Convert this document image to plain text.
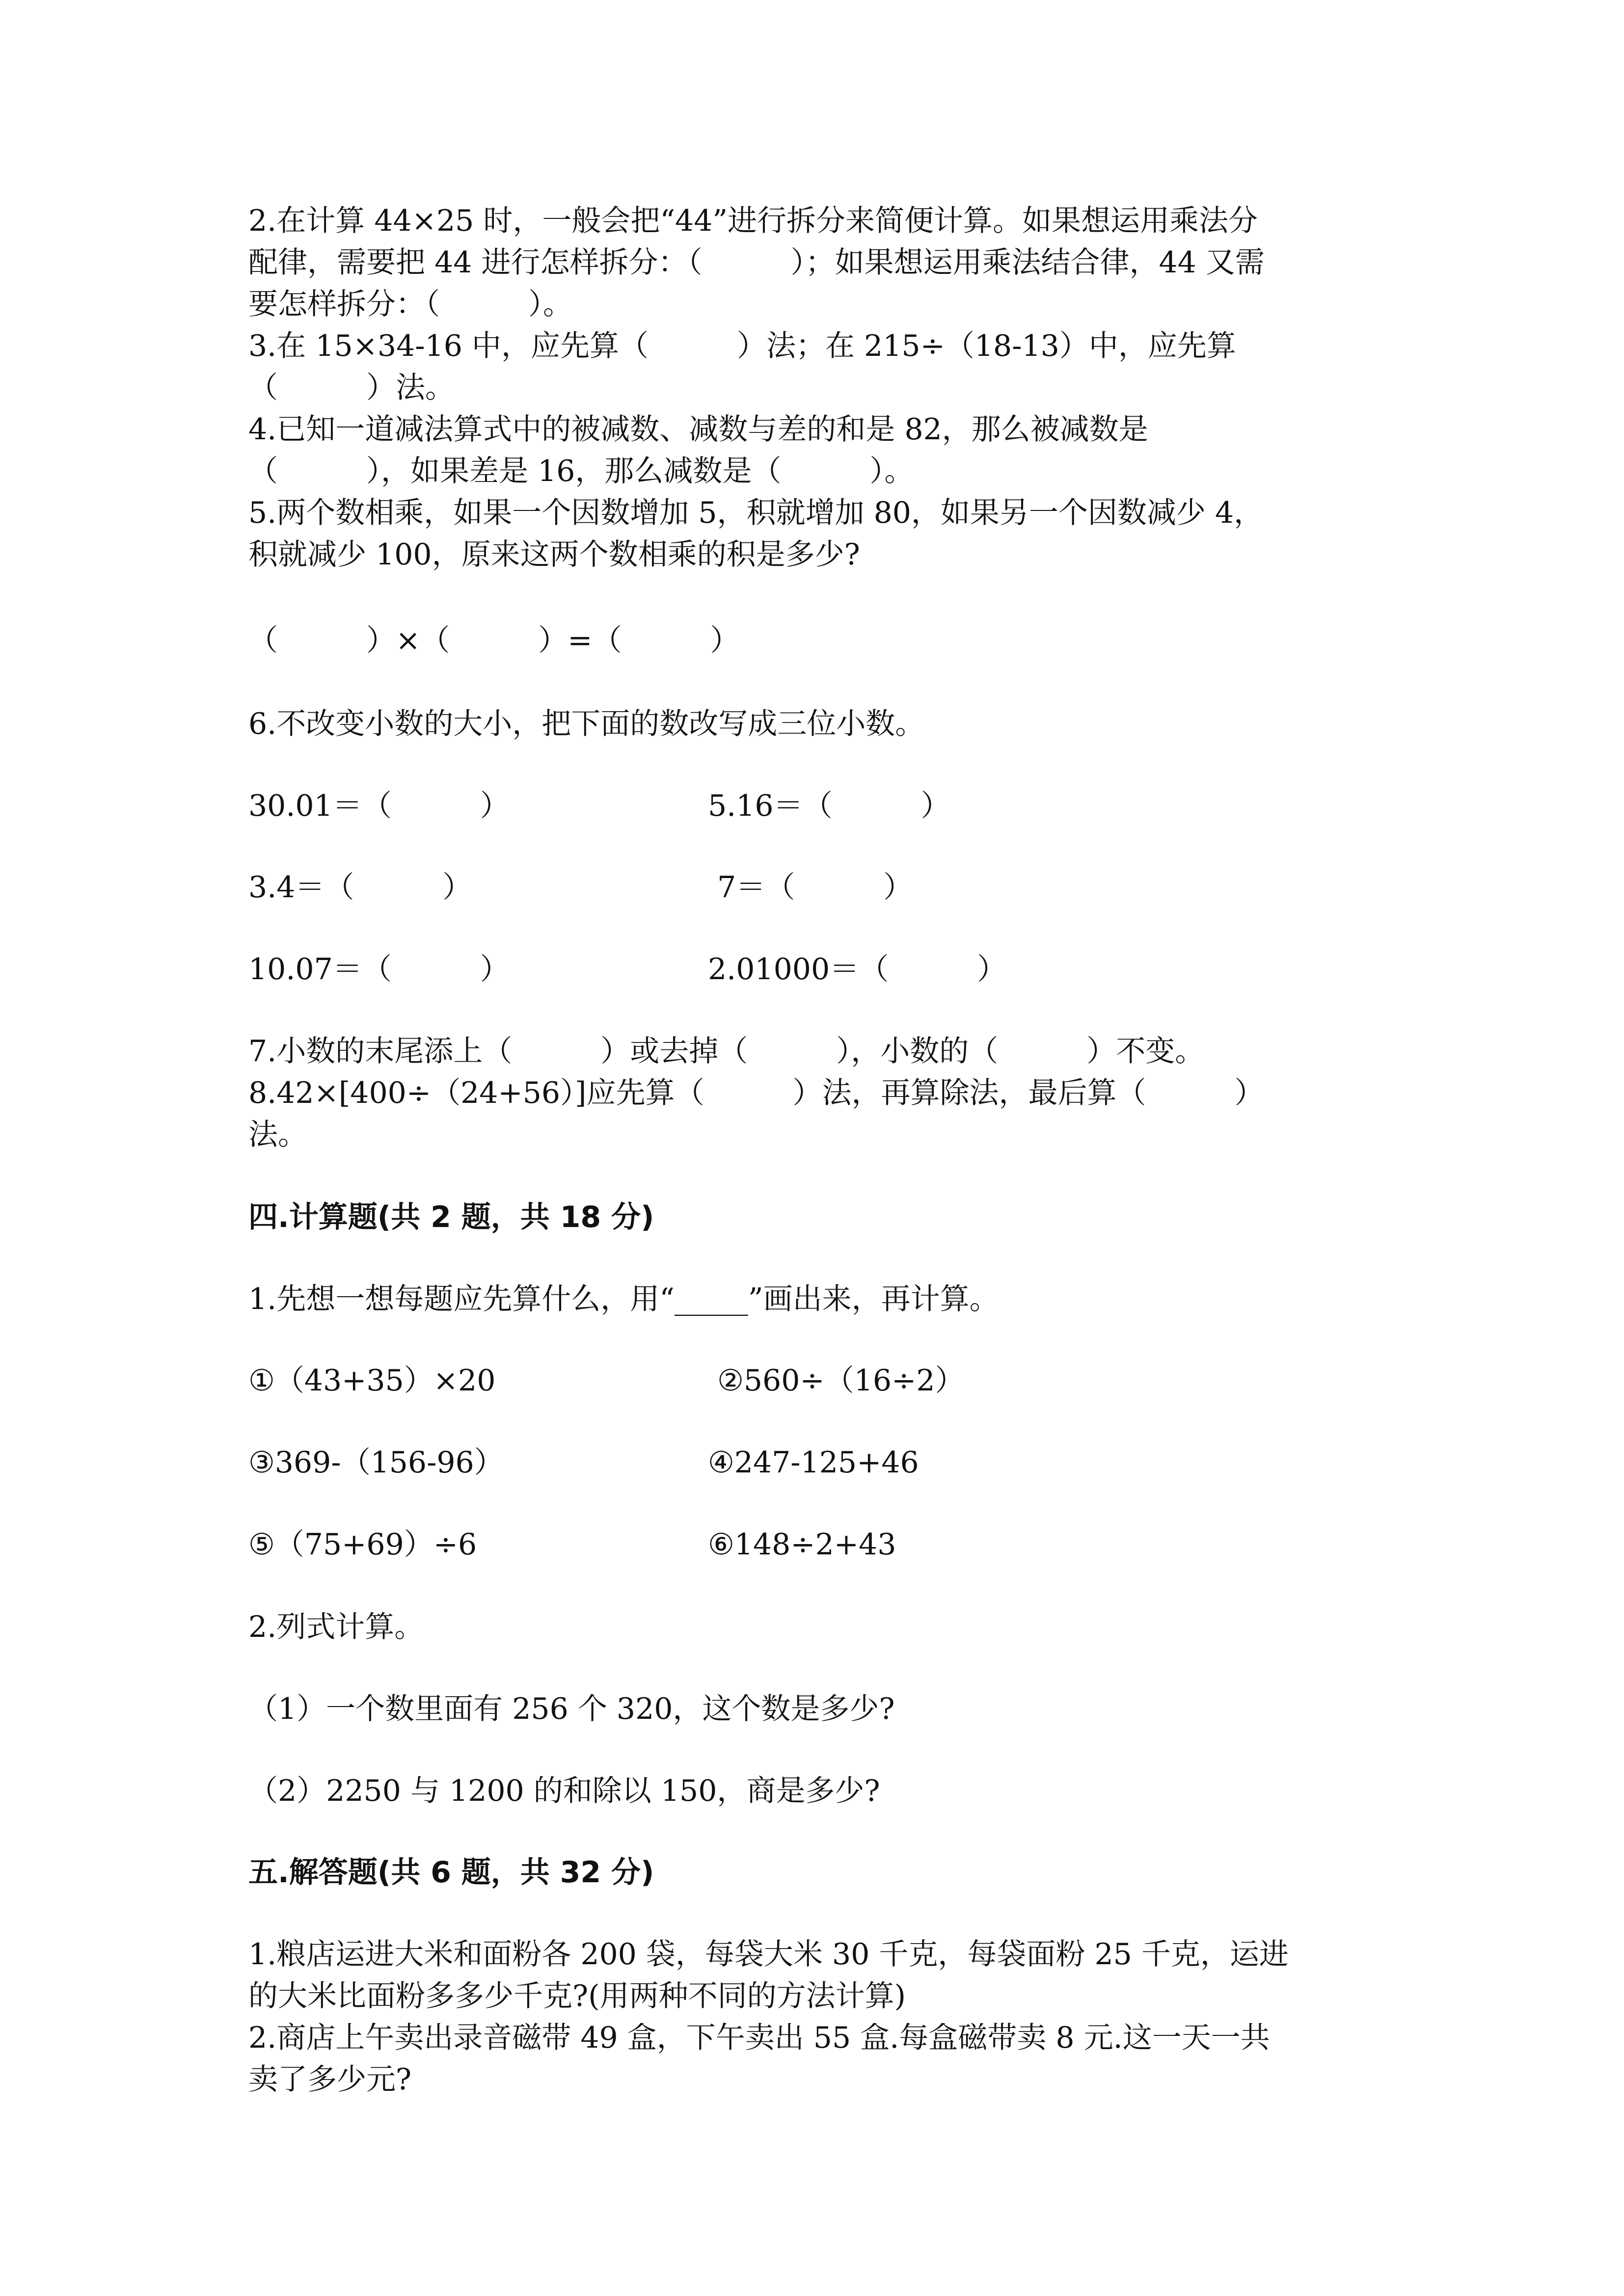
2.在计算 44×25 时，一般会把“44”进行拆分来简便计算。如果想运用乘法分
配律，需要把 44 进行怎样拆分：（　　　）；如果想运用乘法结合律，44 又需
要怎样拆分：（　　　）。
3.在 15×34-16 中，应先算（　　　）法；在 215÷（18-13）中，应先算
（　　　）法。
4.已知一道减法算式中的被减数、减数与差的和是 82，那么被减数是
（　　　），如果差是 16，那么减数是（　　　）。
5.两个数相乘，如果一个因数增加 5，积就增加 80，如果另一个因数减少 4，
积就减少 100，原来这两个数相乘的积是多少?
（　　　）×（　　　）=（　　　）
6.不改变小数的大小，把下面的数改写成三位小数。
30.01＝（　　　）	5.16＝（　　　）
3.4＝（　　　）	7＝（　　　）
10.07＝（　　　）	2.01000＝（　　　）
7.小数的末尾添上（　　　）或去掉（　　　），小数的（　　　）不变。
8.42×[400÷（24+56）]应先算（　　　）法，再算除法，最后算（　　　）
法。
四.计算题(共 2 题，共 18 分)
1.先想一想每题应先算什么，用“_____”画出来，再计算。
①（43+35）×20	②560÷（16÷2）
③369-（156-96）	④247-125+46
⑤（75+69）÷6	⑥148÷2+43
2.列式计算。
（1）一个数里面有 256 个 320，这个数是多少?
（2）2250 与 1200 的和除以 150，商是多少?
五.解答题(共 6 题，共 32 分)
1.粮店运进大米和面粉各 200 袋，每袋大米 30 千克，每袋面粉 25 千克，运进
的大米比面粉多多少千克?(用两种不同的方法计算)
2.商店上午卖出录音磁带 49 盒，下午卖出 55 盒.每盒磁带卖 8 元.这一天一共
卖了多少元?
